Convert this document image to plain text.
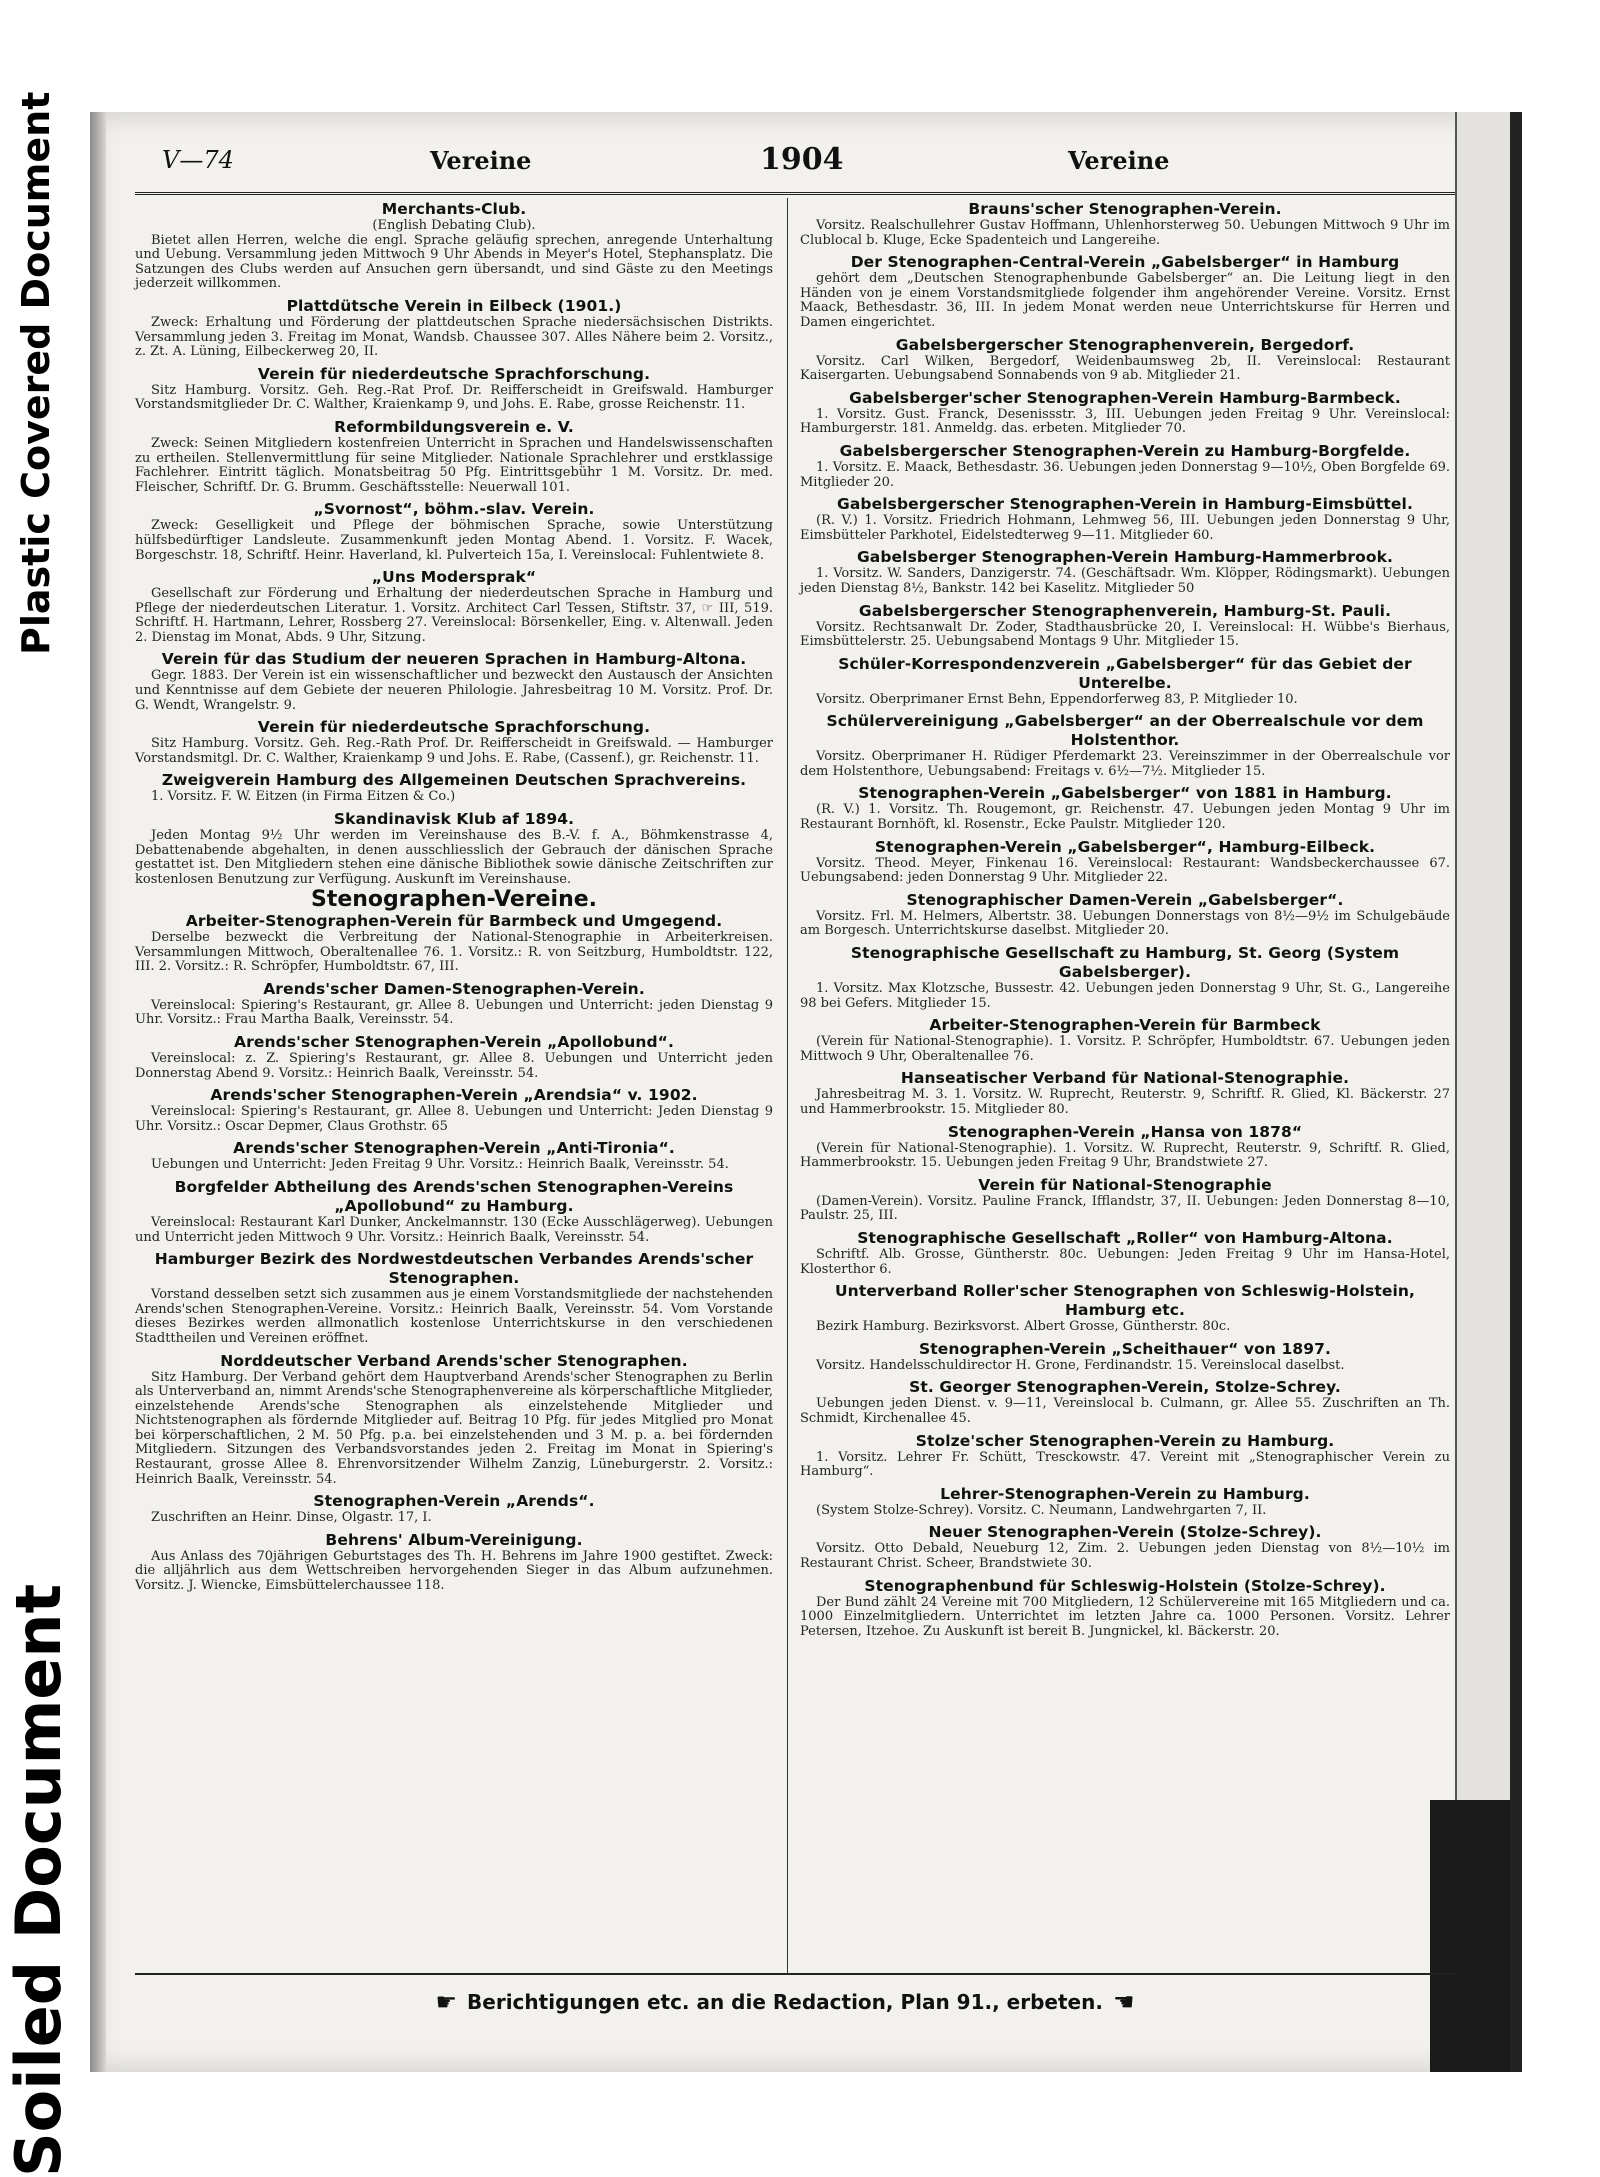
Plastic Covered Document
Soiled Document
V—74	Vereine	1904	Vereine
Merchants-Club.
(English Debating Club).
Bietet allen Herren, welche die engl. Sprache geläufig sprechen, anregende Unterhaltung und Uebung. Versammlung jeden Mittwoch 9 Uhr Abends in Meyer's Hotel, Stephansplatz. Die Satzungen des Clubs werden auf Ansuchen gern übersandt, und sind Gäste zu den Meetings jederzeit willkommen.
Plattdütsche Verein in Eilbeck (1901.)
Zweck: Erhaltung und Förderung der plattdeutschen Sprache niedersächsischen Distrikts. Versammlung jeden 3. Freitag im Monat, Wandsb. Chaussee 307. Alles Nähere beim 2. Vorsitz., z. Zt. A. Lüning, Eilbeckerweg 20, II.
Verein für niederdeutsche Sprachforschung.
Sitz Hamburg. Vorsitz. Geh. Reg.-Rat Prof. Dr. Reifferscheidt in Greifswald. Hamburger Vorstandsmitglieder Dr. C. Walther, Kraienkamp 9, und Johs. E. Rabe, grosse Reichenstr. 11.
Reformbildungsverein e. V.
Zweck: Seinen Mitgliedern kostenfreien Unterricht in Sprachen und Handelswissenschaften zu ertheilen. Stellenvermittlung für seine Mitglieder. Nationale Sprachlehrer und erstklassige Fachlehrer. Eintritt täglich. Monatsbeitrag 50 Pfg. Eintrittsgebühr 1 M. Vorsitz. Dr. med. Fleischer, Schriftf. Dr. G. Brumm. Geschäftsstelle: Neuerwall 101.
„Svornost“, böhm.-slav. Verein.
Zweck: Geselligkeit und Pflege der böhmischen Sprache, sowie Unterstützung hülfsbedürftiger Landsleute. Zusammenkunft jeden Montag Abend. 1. Vorsitz. F. Wacek, Borgeschstr. 18, Schriftf. Heinr. Haverland, kl. Pulverteich 15a, I. Vereinslocal: Fuhlentwiete 8.
„Uns Modersprak“
Gesellschaft zur Förderung und Erhaltung der niederdeutschen Sprache in Hamburg und Pflege der niederdeutschen Literatur. 1. Vorsitz. Architect Carl Tessen, Stiftstr. 37, ☞ III, 519. Schriftf. H. Hartmann, Lehrer, Rossberg 27. Vereinslocal: Börsenkeller, Eing. v. Altenwall. Jeden 2. Dienstag im Monat, Abds. 9 Uhr, Sitzung.
Verein für das Studium der neueren Sprachen in Hamburg-Altona.
Gegr. 1883. Der Verein ist ein wissenschaftlicher und bezweckt den Austausch der Ansichten und Kenntnisse auf dem Gebiete der neueren Philologie. Jahresbeitrag 10 M. Vorsitz. Prof. Dr. G. Wendt, Wrangelstr. 9.
Verein für niederdeutsche Sprachforschung.
Sitz Hamburg. Vorsitz. Geh. Reg.-Rath Prof. Dr. Reifferscheidt in Greifswald. — Hamburger Vorstandsmitgl. Dr. C. Walther, Kraienkamp 9 und Johs. E. Rabe, (Cassenf.), gr. Reichenstr. 11.
Zweigverein Hamburg des Allgemeinen Deutschen Sprachvereins.
1. Vorsitz. F. W. Eitzen (in Firma Eitzen & Co.)
Skandinavisk Klub af 1894.
Jeden Montag 9½ Uhr werden im Vereinshause des B.-V. f. A., Böhmkenstrasse 4, Debattenabende abgehalten, in denen ausschliesslich der Gebrauch der dänischen Sprache gestattet ist. Den Mitgliedern stehen eine dänische Bibliothek sowie dänische Zeitschriften zur kostenlosen Benutzung zur Verfügung. Auskunft im Vereinshause.
Stenographen-Vereine.
Arbeiter-Stenographen-Verein für Barmbeck und Umgegend.
Derselbe bezweckt die Verbreitung der National-Stenographie in Arbeiterkreisen. Versammlungen Mittwoch, Oberaltenallee 76. 1. Vorsitz.: R. von Seitzburg, Humboldtstr. 122, III. 2. Vorsitz.: R. Schröpfer, Humboldtstr. 67, III.
Arends'scher Damen-Stenographen-Verein.
Vereinslocal: Spiering's Restaurant, gr. Allee 8. Uebungen und Unterricht: jeden Dienstag 9 Uhr. Vorsitz.: Frau Martha Baalk, Vereinsstr. 54.
Arends'scher Stenographen-Verein „Apollobund“.
Vereinslocal: z. Z. Spiering's Restaurant, gr. Allee 8. Uebungen und Unterricht jeden Donnerstag Abend 9. Vorsitz.: Heinrich Baalk, Vereinsstr. 54.
Arends'scher Stenographen-Verein „Arendsia“ v. 1902.
Vereinslocal: Spiering's Restaurant, gr. Allee 8. Uebungen und Unterricht: Jeden Dienstag 9 Uhr. Vorsitz.: Oscar Depmer, Claus Grothstr. 65
Arends'scher Stenographen-Verein „Anti-Tironia“.
Uebungen und Unterricht: Jeden Freitag 9 Uhr. Vorsitz.: Heinrich Baalk, Vereinsstr. 54.
Borgfelder Abtheilung des Arends'schen Stenographen-Vereins „Apollobund“ zu Hamburg.
Vereinslocal: Restaurant Karl Dunker, Anckelmannstr. 130 (Ecke Ausschlägerweg). Uebungen und Unterricht jeden Mittwoch 9 Uhr. Vorsitz.: Heinrich Baalk, Vereinsstr. 54.
Hamburger Bezirk des Nordwestdeutschen Verbandes Arends'scher Stenographen.
Vorstand desselben setzt sich zusammen aus je einem Vorstandsmitgliede der nachstehenden Arends'schen Stenographen-Vereine. Vorsitz.: Heinrich Baalk, Vereinsstr. 54. Vom Vorstande dieses Bezirkes werden allmonatlich kostenlose Unterrichtskurse in den verschiedenen Stadttheilen und Vereinen eröffnet.
Norddeutscher Verband Arends'scher Stenographen.
Sitz Hamburg. Der Verband gehört dem Hauptverband Arends'scher Stenographen zu Berlin als Unterverband an, nimmt Arends'sche Stenographenvereine als körperschaftliche Mitglieder, einzelstehende Arends'sche Stenographen als einzelstehende Mitglieder und Nichtstenographen als fördernde Mitglieder auf. Beitrag 10 Pfg. für jedes Mitglied pro Monat bei körperschaftlichen, 2 M. 50 Pfg. p.a. bei einzelstehenden und 3 M. p. a. bei fördernden Mitgliedern. Sitzungen des Verbandsvorstandes jeden 2. Freitag im Monat in Spiering's Restaurant, grosse Allee 8. Ehrenvorsitzender Wilhelm Zanzig, Lüneburgerstr. 2. Vorsitz.: Heinrich Baalk, Vereinsstr. 54.
Stenographen-Verein „Arends“.
Zuschriften an Heinr. Dinse, Olgastr. 17, I.
Behrens' Album-Vereinigung.
Aus Anlass des 70jährigen Geburtstages des Th. H. Behrens im Jahre 1900 gestiftet. Zweck: die alljährlich aus dem Wettschreiben hervorgehenden Sieger in das Album aufzunehmen. Vorsitz. J. Wiencke, Eimsbüttelerchaussee 118.
Brauns'scher Stenographen-Verein.
Vorsitz. Realschullehrer Gustav Hoffmann, Uhlenhorsterweg 50. Uebungen Mittwoch 9 Uhr im Clublocal b. Kluge, Ecke Spadenteich und Langereihe.
Der Stenographen-Central-Verein „Gabelsberger“ in Hamburg
gehört dem „Deutschen Stenographenbunde Gabelsberger“ an. Die Leitung liegt in den Händen von je einem Vorstandsmitgliede folgender ihm angehörender Vereine. Vorsitz. Ernst Maack, Bethesdastr. 36, III. In jedem Monat werden neue Unterrichtskurse für Herren und Damen eingerichtet.
Gabelsbergerscher Stenographenverein, Bergedorf.
Vorsitz. Carl Wilken, Bergedorf, Weidenbaumsweg 2b, II. Vereinslocal: Restaurant Kaisergarten. Uebungsabend Sonnabends von 9 ab. Mitglieder 21.
Gabelsberger'scher Stenographen-Verein Hamburg-Barmbeck.
1. Vorsitz. Gust. Franck, Desenissstr. 3, III. Uebungen jeden Freitag 9 Uhr. Vereinslocal: Hamburgerstr. 181. Anmeldg. das. erbeten. Mitglieder 70.
Gabelsbergerscher Stenographen-Verein zu Hamburg-Borgfelde.
1. Vorsitz. E. Maack, Bethesdastr. 36. Uebungen jeden Donnerstag 9—10½, Oben Borgfelde 69. Mitglieder 20.
Gabelsbergerscher Stenographen-Verein in Hamburg-Eimsbüttel.
(R. V.) 1. Vorsitz. Friedrich Hohmann, Lehmweg 56, III. Uebungen jeden Donnerstag 9 Uhr, Eimsbütteler Parkhotel, Eidelstedterweg 9—11. Mitglieder 60.
Gabelsberger Stenographen-Verein Hamburg-Hammerbrook.
1. Vorsitz. W. Sanders, Danzigerstr. 74. (Geschäftsadr. Wm. Klöpper, Rödingsmarkt). Uebungen jeden Dienstag 8½, Bankstr. 142 bei Kaselitz. Mitglieder 50
Gabelsbergerscher Stenographenverein, Hamburg-St. Pauli.
Vorsitz. Rechtsanwalt Dr. Zoder, Stadthausbrücke 20, I. Vereinslocal: H. Wübbe's Bierhaus, Eimsbüttelerstr. 25. Uebungsabend Montags 9 Uhr. Mitglieder 15.
Schüler-Korrespondenzverein „Gabelsberger“ für das Gebiet der Unterelbe.
Vorsitz. Oberprimaner Ernst Behn, Eppendorferweg 83, P. Mitglieder 10.
Schülervereinigung „Gabelsberger“ an der Oberrealschule vor dem Holstenthor.
Vorsitz. Oberprimaner H. Rüdiger Pferdemarkt 23. Vereinszimmer in der Oberrealschule vor dem Holstenthore, Uebungsabend: Freitags v. 6½—7½. Mitglieder 15.
Stenographen-Verein „Gabelsberger“ von 1881 in Hamburg.
(R. V.) 1. Vorsitz. Th. Rougemont, gr. Reichenstr. 47. Uebungen jeden Montag 9 Uhr im Restaurant Bornhöft, kl. Rosenstr., Ecke Paulstr. Mitglieder 120.
Stenographen-Verein „Gabelsberger“, Hamburg-Eilbeck.
Vorsitz. Theod. Meyer, Finkenau 16. Vereinslocal: Restaurant: Wandsbeckerchaussee 67. Uebungsabend: jeden Donnerstag 9 Uhr. Mitglieder 22.
Stenographischer Damen-Verein „Gabelsberger“.
Vorsitz. Frl. M. Helmers, Albertstr. 38. Uebungen Donnerstags von 8½—9½ im Schulgebäude am Borgesch. Unterrichtskurse daselbst. Mitglieder 20.
Stenographische Gesellschaft zu Hamburg, St. Georg (System Gabelsberger).
1. Vorsitz. Max Klotzsche, Bussestr. 42. Uebungen jeden Donnerstag 9 Uhr, St. G., Langereihe 98 bei Gefers. Mitglieder 15.
Arbeiter-Stenographen-Verein für Barmbeck
(Verein für National-Stenographie). 1. Vorsitz. P. Schröpfer, Humboldtstr. 67. Uebungen jeden Mittwoch 9 Uhr, Oberaltenallee 76.
Hanseatischer Verband für National-Stenographie.
Jahresbeitrag M. 3. 1. Vorsitz. W. Ruprecht, Reuterstr. 9, Schriftf. R. Glied, Kl. Bäckerstr. 27 und Hammerbrookstr. 15. Mitglieder 80.
Stenographen-Verein „Hansa von 1878“
(Verein für National-Stenographie). 1. Vorsitz. W. Ruprecht, Reuterstr. 9, Schriftf. R. Glied, Hammerbrookstr. 15. Uebungen jeden Freitag 9 Uhr, Brandstwiete 27.
Verein für National-Stenographie
(Damen-Verein). Vorsitz. Pauline Franck, Ifflandstr, 37, II. Uebungen: Jeden Donnerstag 8—10, Paulstr. 25, III.
Stenographische Gesellschaft „Roller“ von Hamburg-Altona.
Schriftf. Alb. Grosse, Güntherstr. 80c. Uebungen: Jeden Freitag 9 Uhr im Hansa-Hotel, Klosterthor 6.
Unterverband Roller'scher Stenographen von Schleswig-Holstein, Hamburg etc.
Bezirk Hamburg. Bezirksvorst. Albert Grosse, Güntherstr. 80c.
Stenographen-Verein „Scheithauer“ von 1897.
Vorsitz. Handelsschuldirector H. Grone, Ferdinandstr. 15. Vereinslocal daselbst.
St. Georger Stenographen-Verein, Stolze-Schrey.
Uebungen jeden Dienst. v. 9—11, Vereinslocal b. Culmann, gr. Allee 55. Zuschriften an Th. Schmidt, Kirchenallee 45.
Stolze'scher Stenographen-Verein zu Hamburg.
1. Vorsitz. Lehrer Fr. Schütt, Tresckowstr. 47. Vereint mit „Stenographischer Verein zu Hamburg“.
Lehrer-Stenographen-Verein zu Hamburg.
(System Stolze-Schrey). Vorsitz. C. Neumann, Landwehrgarten 7, II.
Neuer Stenographen-Verein (Stolze-Schrey).
Vorsitz. Otto Debald, Neueburg 12, Zim. 2. Uebungen jeden Dienstag von 8½—10½ im Restaurant Christ. Scheer, Brandstwiete 30.
Stenographenbund für Schleswig-Holstein (Stolze-Schrey).
Der Bund zählt 24 Vereine mit 700 Mitgliedern, 12 Schülervereine mit 165 Mitgliedern und ca. 1000 Einzelmitgliedern. Unterrichtet im letzten Jahre ca. 1000 Personen. Vorsitz. Lehrer Petersen, Itzehoe. Zu Auskunft ist bereit B. Jungnickel, kl. Bäckerstr. 20.
☛ Berichtigungen etc. an die Redaction, Plan 91., erbeten. ☚
